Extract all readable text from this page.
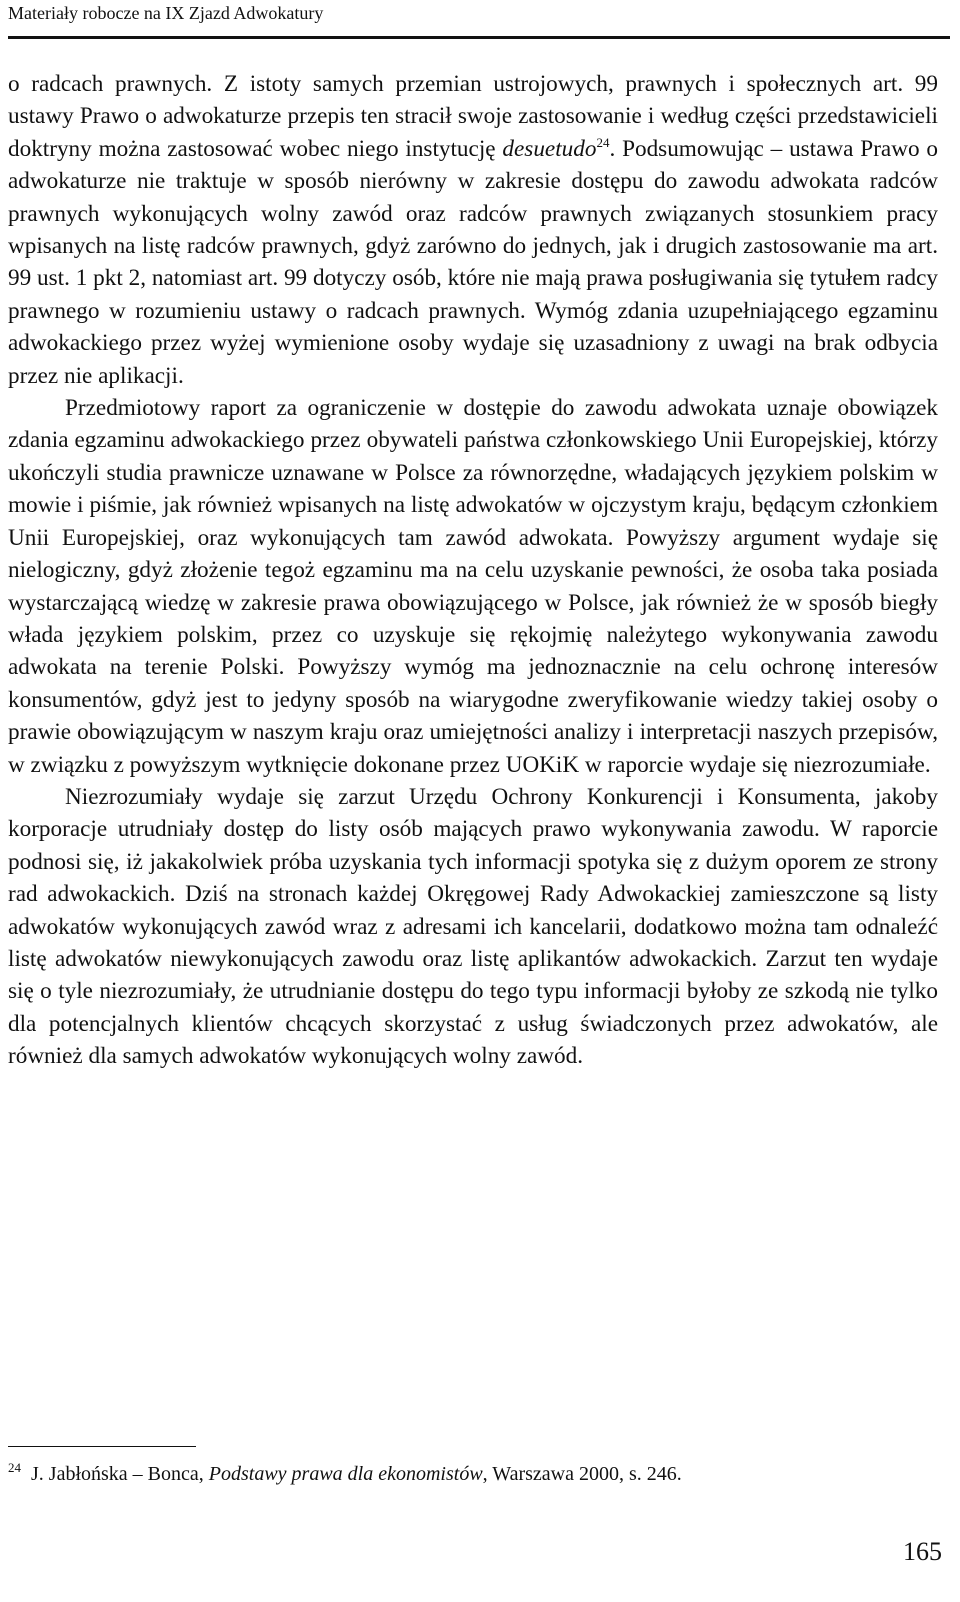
Materiały robocze na IX Zjazd Adwokatury

o radcach prawnych. Z istoty samych przemian ustrojowych, prawnych i społecznych art. 99 ustawy Prawo o adwokaturze przepis ten stracił swoje zastosowanie i według części przedstawicieli doktryny można zastosować wobec niego instytucję desuetudo$^{24}$. Podsumowując – ustawa Prawo o adwokaturze nie traktuje w sposób nierówny w zakresie dostępu do zawodu adwokata radców prawnych wykonujących wolny zawód oraz radców prawnych związanych stosunkiem pracy wpisanych na listę radców prawnych, gdyż zarówno do jednych, jak i drugich zastosowanie ma art. 99 ust. 1 pkt 2, natomiast art. 99 dotyczy osób, które nie mają prawa posługiwania się tytułem radcy prawnego w rozumieniu ustawy o radcach prawnych. Wymóg zdania uzupełniającego egzaminu adwokackiego przez wyżej wymienione osoby wydaje się uzasadniony z uwagi na brak odbycia przez nie aplikacji.

Przedmiotowy raport za ograniczenie w dostępie do zawodu adwokata uznaje obowiązek zdania egzaminu adwokackiego przez obywateli państwa członkowskiego Unii Europejskiej, którzy ukończyli studia prawnicze uznawane w Polsce za równorzędne, władających językiem polskim w mowie i piśmie, jak również wpisanych na listę adwokatów w ojczystym kraju, będącym członkiem Unii Europejskiej, oraz wykonujących tam zawód adwokata. Powyższy argument wydaje się nielogiczny, gdyż złożenie tegoż egzaminu ma na celu uzyskanie pewności, że osoba taka posiada wystarczającą wiedzę w zakresie prawa obowiązującego w Polsce, jak również że w sposób biegły włada językiem polskim, przez co uzyskuje się rękojmię należytego wykonywania zawodu adwokata na terenie Polski. Powyższy wymóg ma jednoznacznie na celu ochronę interesów konsumentów, gdyż jest to jedyny sposób na wiarygodne zweryfikowanie wiedzy takiej osoby o prawie obowiązującym w naszym kraju oraz umiejętności analizy i interpretacji naszych przepisów, w związku z powyższym wytknięcie dokonane przez UOKiK w raporcie wydaje się niezrozumiałe.

Niezrozumiały wydaje się zarzut Urzędu Ochrony Konkurencji i Konsumenta, jakoby korporacje utrudniały dostęp do listy osób mających prawo wykonywania zawodu. W raporcie podnosi się, iż jakakolwiek próba uzyskania tych informacji spotyka się z dużym oporem ze strony rad adwokackich. Dziś na stronach każdej Okręgowej Rady Adwokackiej zamieszczone są listy adwokatów wykonujących zawód wraz z adresami ich kancelarii, dodatkowo można tam odnaleźć listę adwokatów niewykonujących zawodu oraz listę aplikantów adwokackich. Zarzut ten wydaje się o tyle niezrozumiały, że utrudnianie dostępu do tego typu informacji byłoby ze szkodą nie tylko dla potencjalnych klientów chcących skorzystać z usług świadczonych przez adwokatów, ale również dla samych adwokatów wykonujących wolny zawód.

$^{24}$ J. Jabłońska – Bonca, Podstawy prawa dla ekonomistów, Warszawa 2000, s. 246.
165
